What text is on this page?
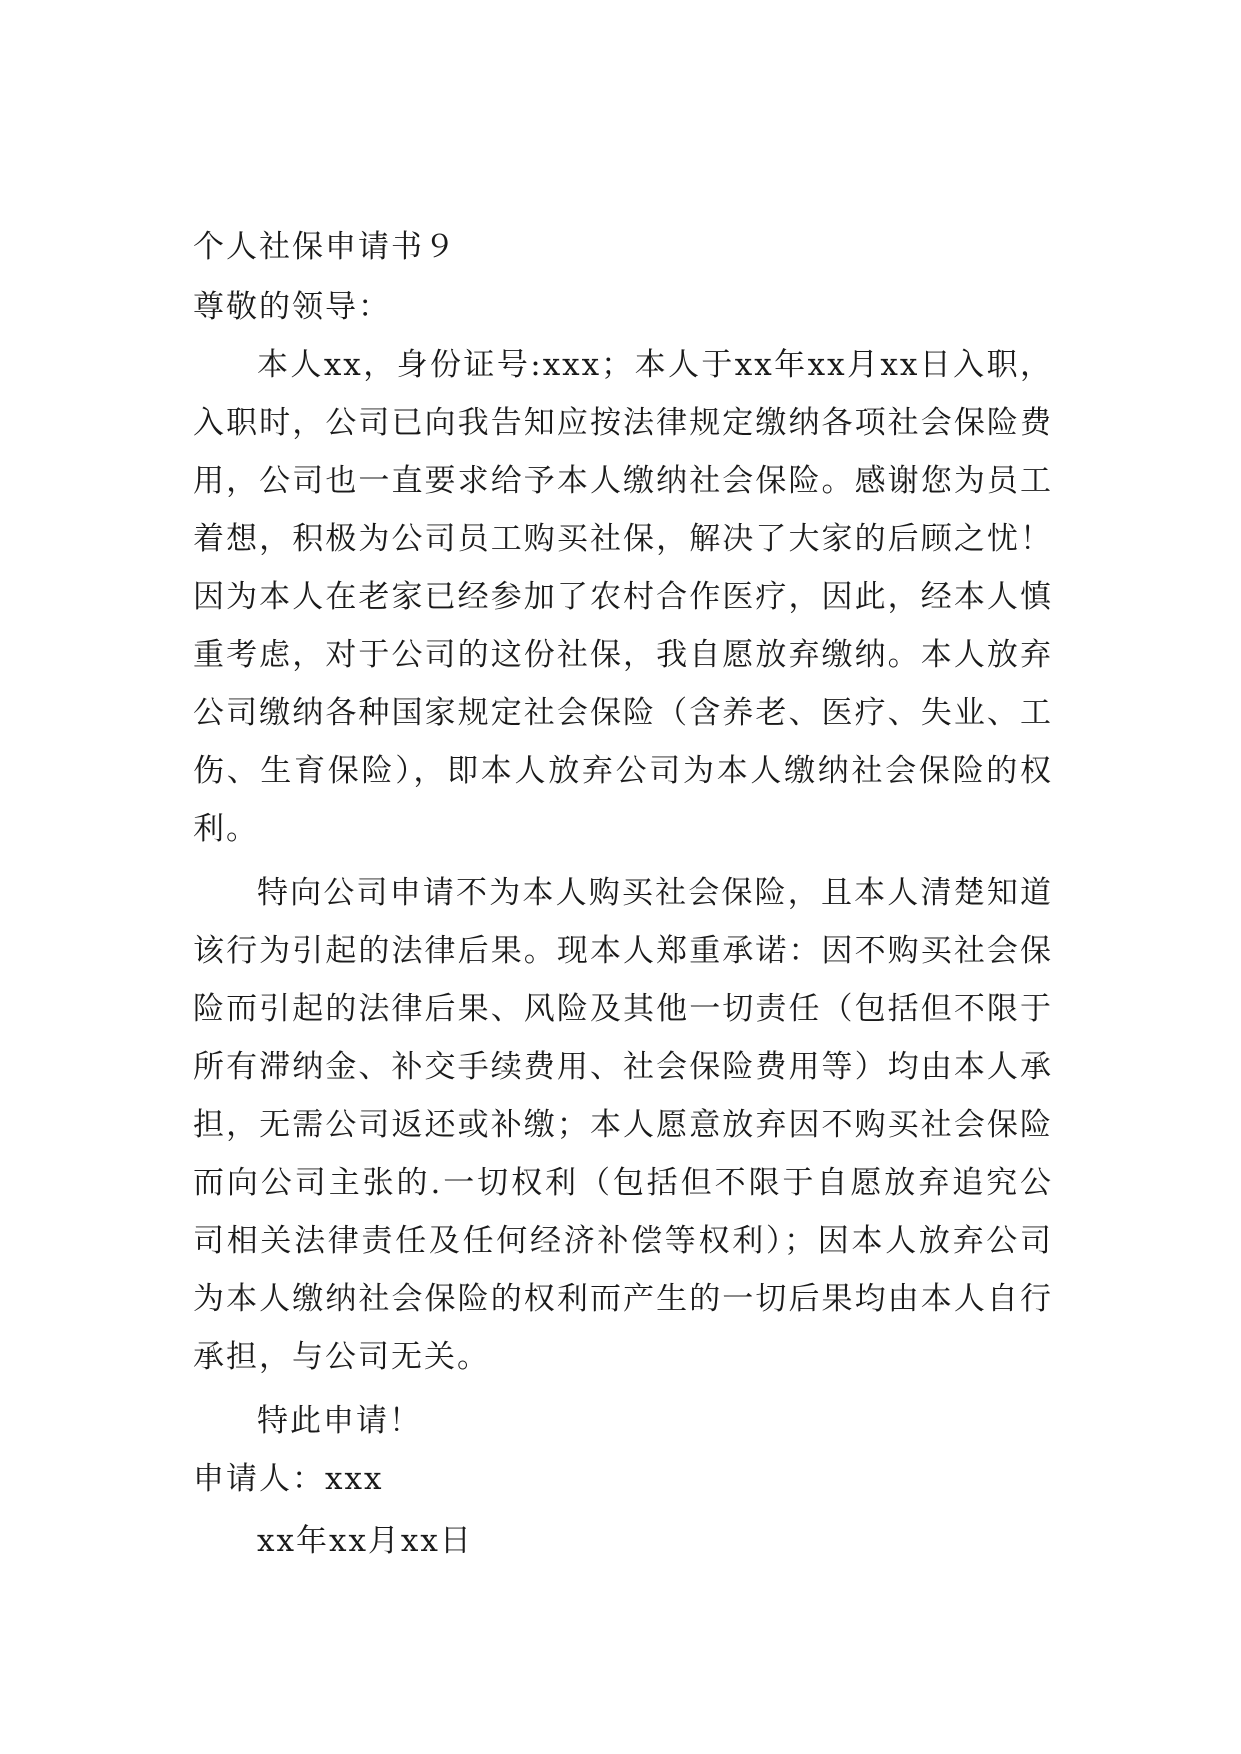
个人社保申请书９
尊敬的领导：

本人xx，身份证号:xxx；本人于xx年xx月xx日入职，入职时，公司已向我告知应按法律规定缴纳各项社会保险费用，公司也一直要求给予本人缴纳社会保险。感谢您为员工着想，积极为公司员工购买社保，解决了大家的后顾之忧！因为本人在老家已经参加了农村合作医疗，因此，经本人慎重考虑，对于公司的这份社保，我自愿放弃缴纳。本人放弃公司缴纳各种国家规定社会保险（含养老、医疗、失业、工伤、生育保险），即本人放弃公司为本人缴纳社会保险的权利。

特向公司申请不为本人购买社会保险，且本人清楚知道该行为引起的法律后果。现本人郑重承诺：因不购买社会保险而引起的法律后果、风险及其他一切责任（包括但不限于所有滞纳金、补交手续费用、社会保险费用等）均由本人承担，无需公司返还或补缴；本人愿意放弃因不购买社会保险而向公司主张的.一切权利（包括但不限于自愿放弃追究公司相关法律责任及任何经济补偿等权利）；因本人放弃公司为本人缴纳社会保险的权利而产生的一切后果均由本人自行承担，与公司无关。

特此申请！
申请人：xxx
xx年xx月xx日
